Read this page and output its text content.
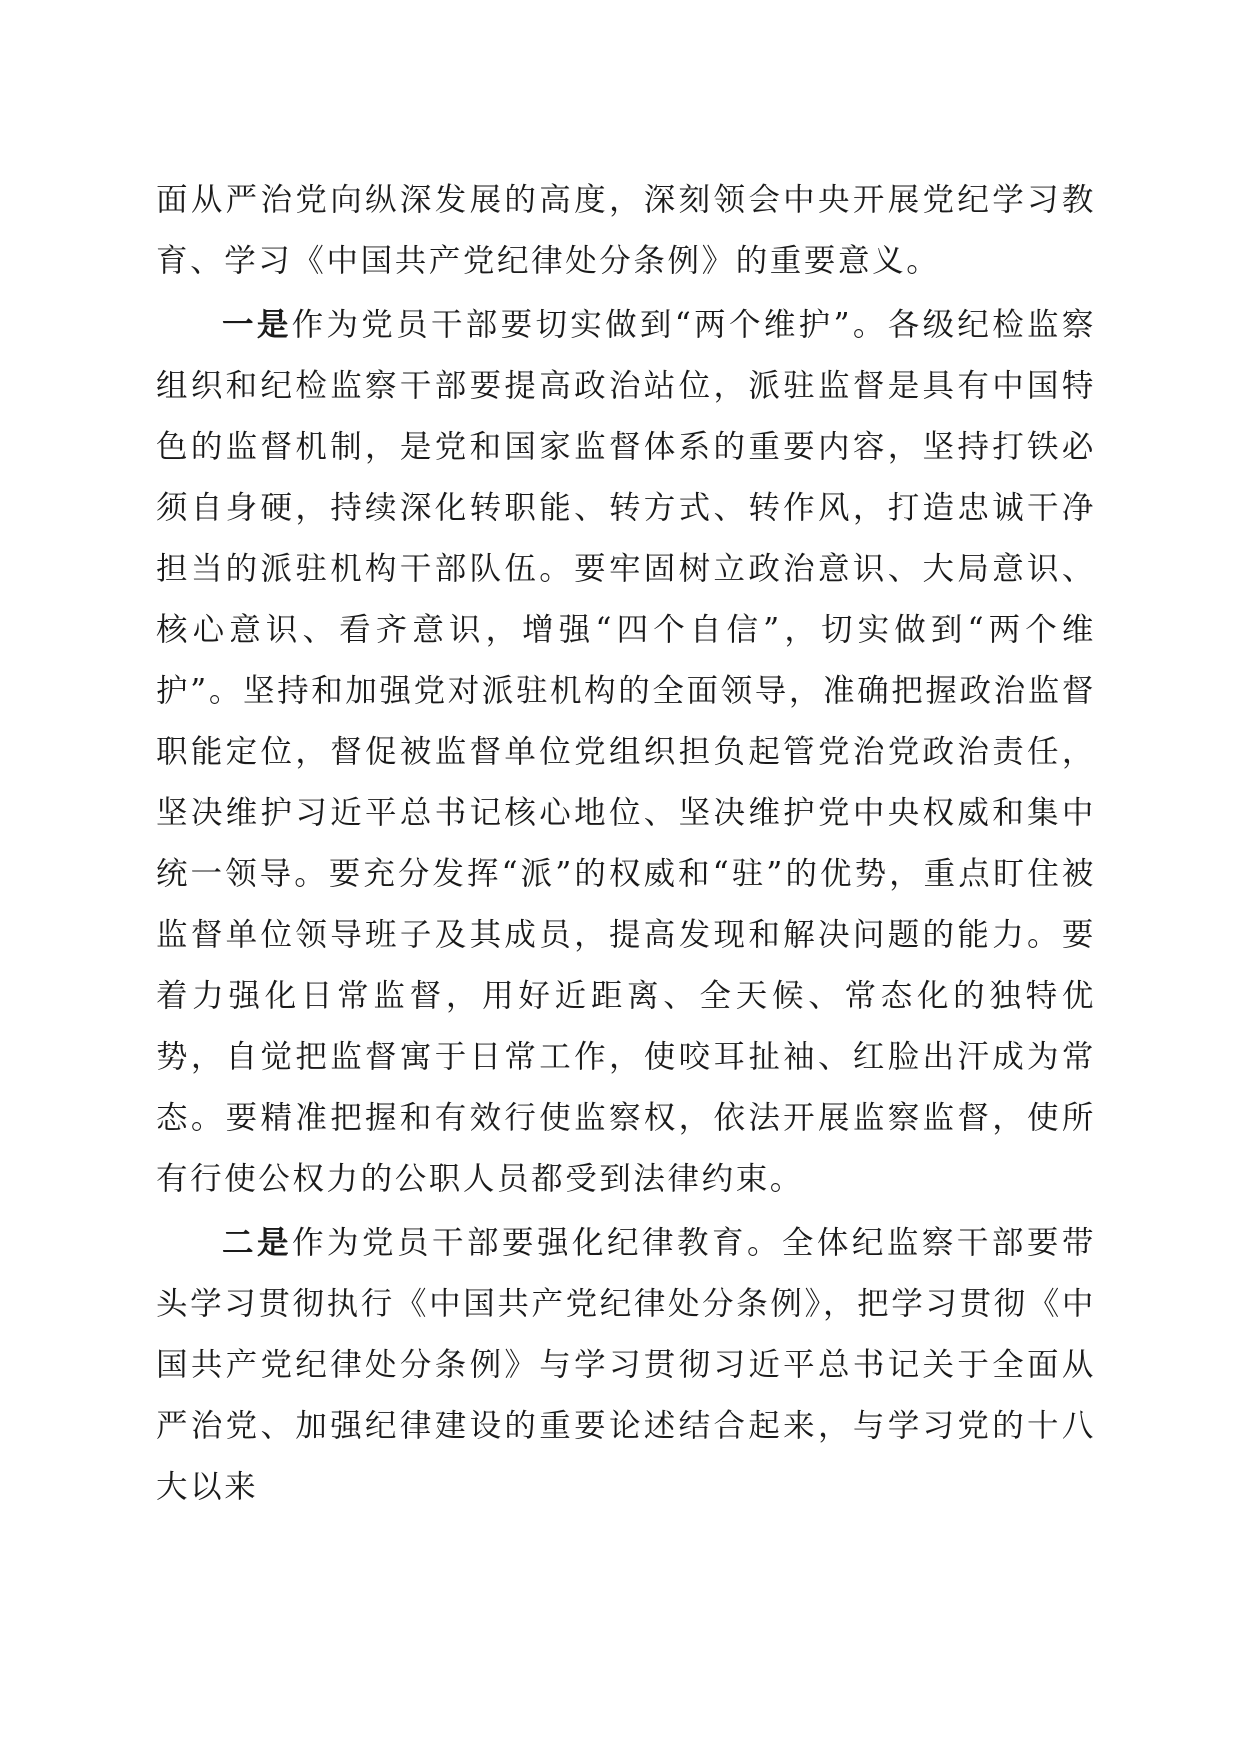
面从严治党向纵深发展的高度，深刻领会中央开展党纪学习教育、学习《中国共产党纪律处分条例》的重要意义。

一是作为党员干部要切实做到“两个维护”。各级纪检监察组织和纪检监察干部要提高政治站位，派驻监督是具有中国特色的监督机制，是党和国家监督体系的重要内容，坚持打铁必须自身硬，持续深化转职能、转方式、转作风，打造忠诚干净担当的派驻机构干部队伍。要牢固树立政治意识、大局意识、核心意识、看齐意识，增强“四个自信”，切实做到“两个维护”。坚持和加强党对派驻机构的全面领导，准确把握政治监督职能定位，督促被监督单位党组织担负起管党治党政治责任，坚决维护习近平总书记核心地位、坚决维护党中央权威和集中统一领导。要充分发挥“派”的权威和“驻”的优势，重点盯住被监督单位领导班子及其成员，提高发现和解决问题的能力。要着力强化日常监督，用好近距离、全天候、常态化的独特优势，自觉把监督寓于日常工作，使咬耳扯袖、红脸出汗成为常态。要精准把握和有效行使监察权，依法开展监察监督，使所有行使公权力的公职人员都受到法律约束。

二是作为党员干部要强化纪律教育。全体纪监察干部要带头学习贯彻执行《中国共产党纪律处分条例》，把学习贯彻《中国共产党纪律处分条例》与学习贯彻习近平总书记关于全面从严治党、加强纪律建设的重要论述结合起来，与学习党的十八大以来
